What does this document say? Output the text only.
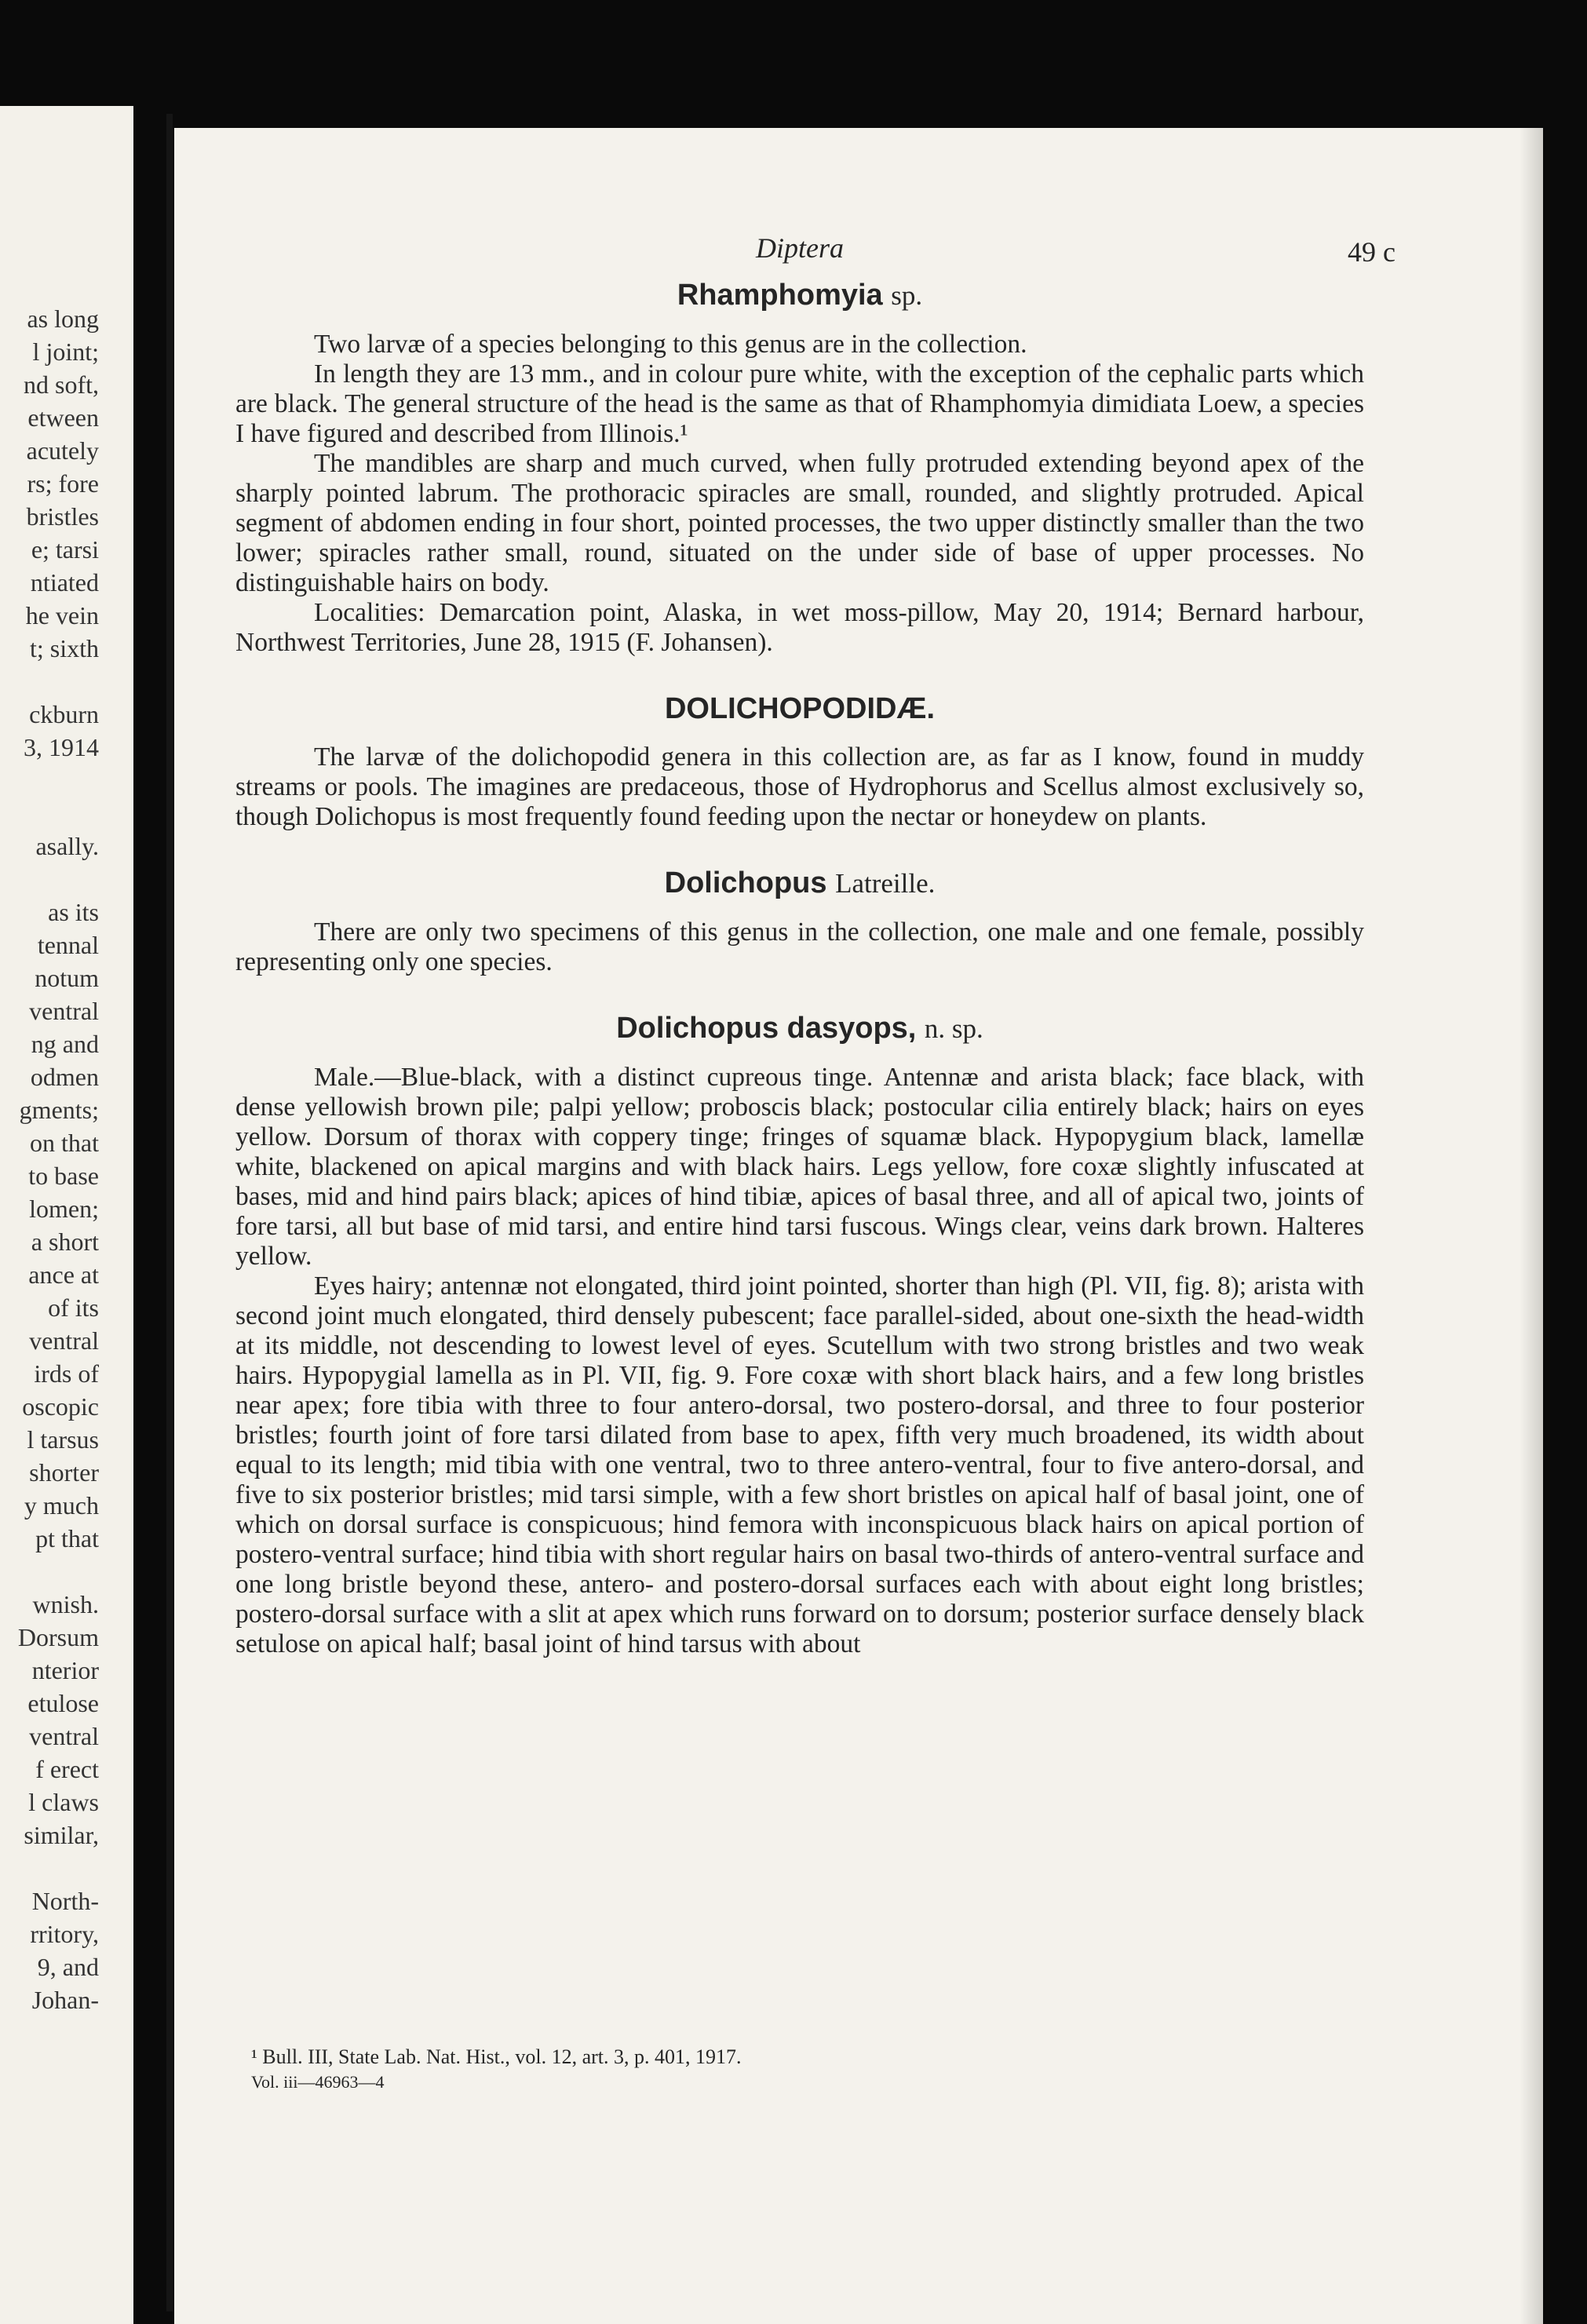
as long
l joint;
nd soft,
etween
acutely
rs; fore
bristles
e; tarsi
ntiated
he vein
t; sixth

ckburn
3, 1914

asally.

as its
tennal
notum
ventral
ng and
odmen
gments;
on that
to base
lomen;
a short
ance at
of its
ventral
irds of
oscopic
l tarsus
shorter
y much
pt that

wnish.
Dorsum
nterior
etulose
ventral
f erect
l claws
similar,

North-
rritory,
9, and
Johan-
Diptera	49 c
Rhamphomyia sp.

Two larvæ of a species belonging to this genus are in the collection.

In length they are 13 mm., and in colour pure white, with the exception of the cephalic parts which are black. The general structure of the head is the same as that of Rhamphomyia dimidiata Loew, a species I have figured and described from Illinois.¹

The mandibles are sharp and much curved, when fully protruded extending beyond apex of the sharply pointed labrum. The prothoracic spiracles are small, rounded, and slightly protruded. Apical segment of abdomen ending in four short, pointed processes, the two upper distinctly smaller than the two lower; spiracles rather small, round, situated on the under side of base of upper processes. No distinguishable hairs on body.

Localities: Demarcation point, Alaska, in wet moss-pillow, May 20, 1914; Bernard harbour, Northwest Territories, June 28, 1915 (F. Johansen).

DOLICHOPODIDÆ.

The larvæ of the dolichopodid genera in this collection are, as far as I know, found in muddy streams or pools. The imagines are predaceous, those of Hydrophorus and Scellus almost exclusively so, though Dolichopus is most frequently found feeding upon the nectar or honeydew on plants.

Dolichopus Latreille.

There are only two specimens of this genus in the collection, one male and one female, possibly representing only one species.

Dolichopus dasyops, n. sp.

Male.—Blue-black, with a distinct cupreous tinge. Antennæ and arista black; face black, with dense yellowish brown pile; palpi yellow; proboscis black; postocular cilia entirely black; hairs on eyes yellow. Dorsum of thorax with coppery tinge; fringes of squamæ black. Hypopygium black, lamellæ white, blackened on apical margins and with black hairs. Legs yellow, fore coxæ slightly infuscated at bases, mid and hind pairs black; apices of hind tibiæ, apices of basal three, and all of apical two, joints of fore tarsi, all but base of mid tarsi, and entire hind tarsi fuscous. Wings clear, veins dark brown. Halteres yellow.

Eyes hairy; antennæ not elongated, third joint pointed, shorter than high (Pl. VII, fig. 8); arista with second joint much elongated, third densely pubescent; face parallel-sided, about one-sixth the head-width at its middle, not descending to lowest level of eyes. Scutellum with two strong bristles and two weak hairs. Hypopygial lamella as in Pl. VII, fig. 9. Fore coxæ with short black hairs, and a few long bristles near apex; fore tibia with three to four antero-dorsal, two postero-dorsal, and three to four posterior bristles; fourth joint of fore tarsi dilated from base to apex, fifth very much broadened, its width about equal to its length; mid tibia with one ventral, two to three antero-ventral, four to five antero-dorsal, and five to six posterior bristles; mid tarsi simple, with a few short bristles on apical half of basal joint, one of which on dorsal surface is conspicuous; hind femora with inconspicuous black hairs on apical portion of postero-ventral surface; hind tibia with short regular hairs on basal two-thirds of antero-ventral surface and one long bristle beyond these, antero- and postero-dorsal surfaces each with about eight long bristles; postero-dorsal surface with a slit at apex which runs forward on to dorsum; posterior surface densely black setulose on apical half; basal joint of hind tarsus with about

¹ Bull. III, State Lab. Nat. Hist., vol. 12, art. 3, p. 401, 1917.
Vol. iii—46963—4
